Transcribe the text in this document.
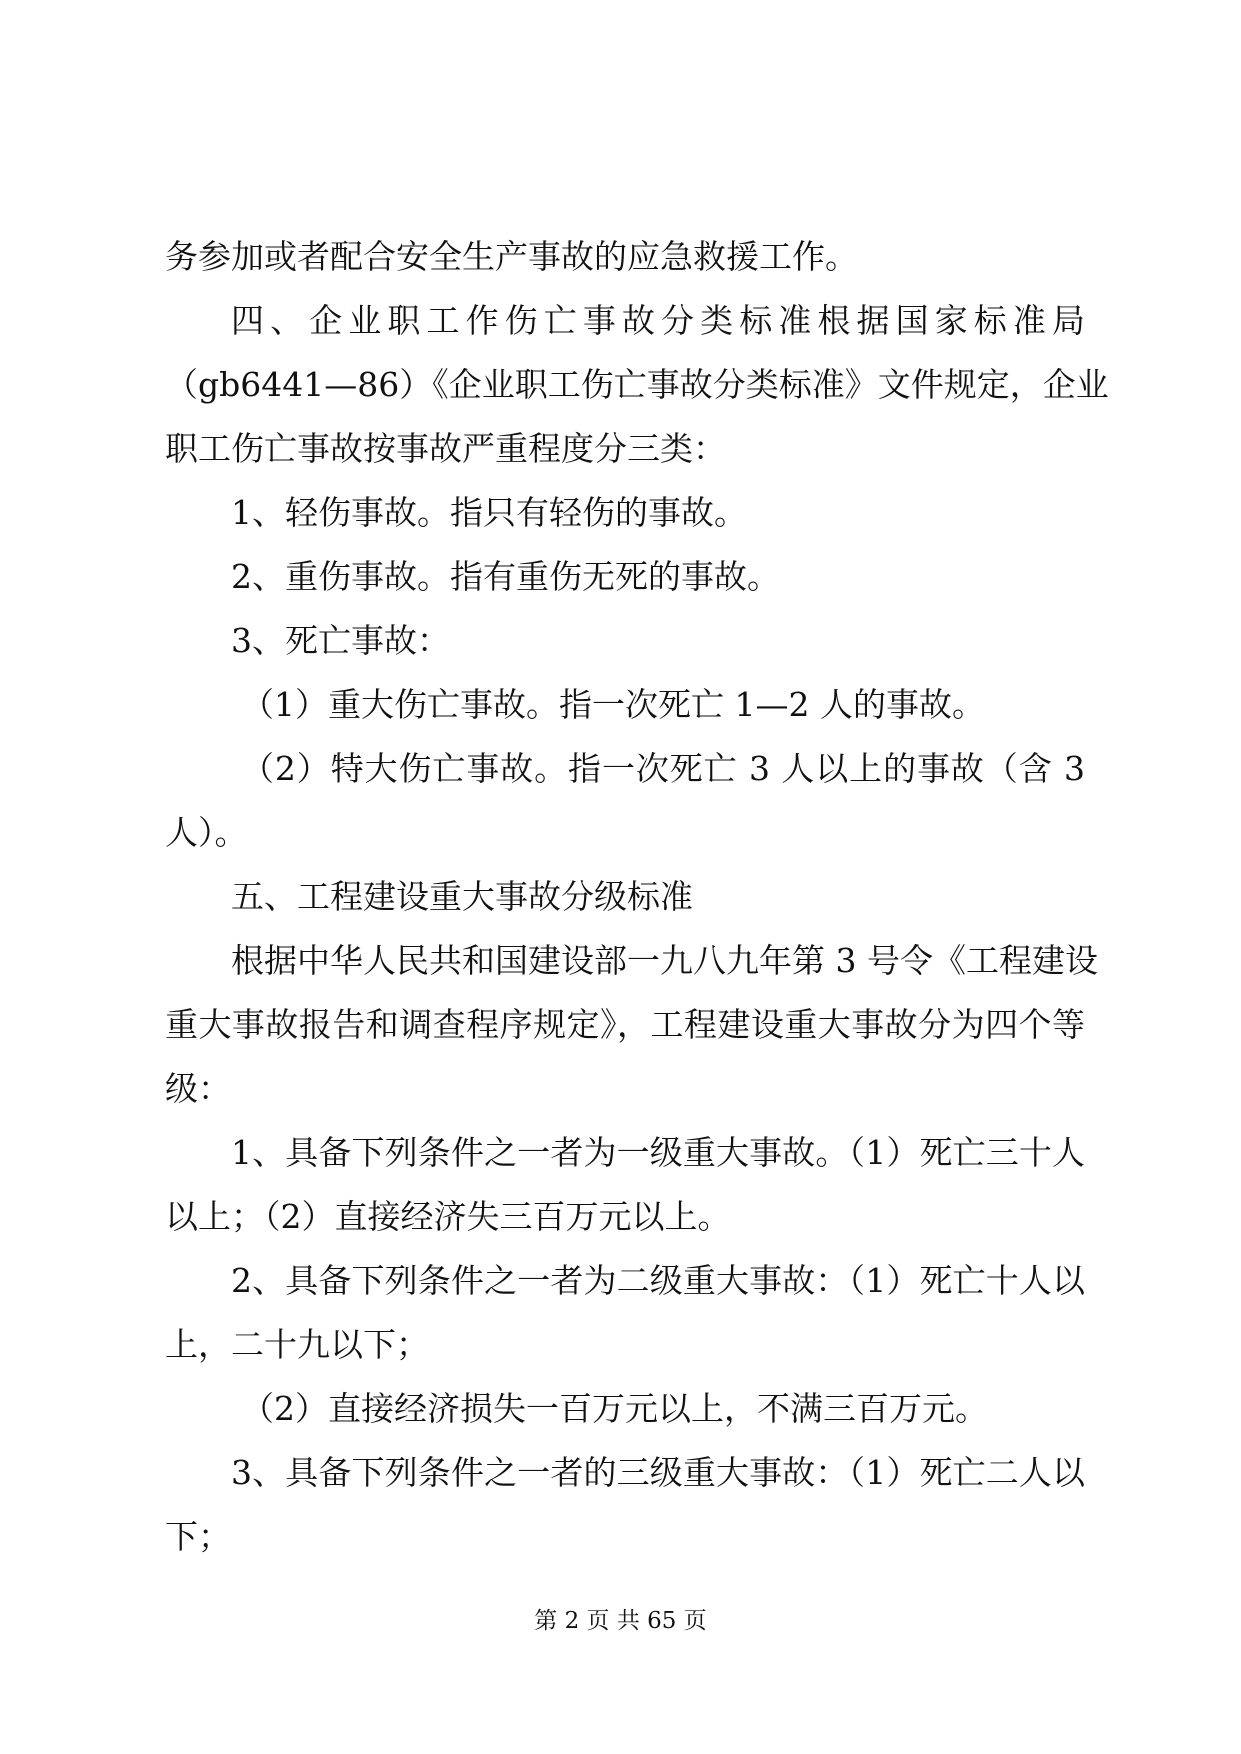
务参加或者配合安全生产事故的应急救援工作。
四、企业职工作伤亡事故分类标准根据国家标准局
（gb6441—86）《企业职工伤亡事故分类标准》文件规定，企业
职工伤亡事故按事故严重程度分三类：
1、轻伤事故。指只有轻伤的事故。
2、重伤事故。指有重伤无死的事故。
3、死亡事故：
（1）重大伤亡事故。指一次死亡 1—2 人的事故。
（2）特大伤亡事故。指一次死亡 3 人以上的事故（含 3
人）。
五、工程建设重大事故分级标准
根据中华人民共和国建设部一九八九年第 3 号令《工程建设
重大事故报告和调查程序规定》，工程建设重大事故分为四个等
级：
1、具备下列条件之一者为一级重大事故。（1）死亡三十人
以上；（2）直接经济失三百万元以上。
2、具备下列条件之一者为二级重大事故：（1）死亡十人以
上，二十九以下；
（2）直接经济损失一百万元以上，不满三百万元。
3、具备下列条件之一者的三级重大事故：（1）死亡二人以
下；
第 2 页 共 65 页
